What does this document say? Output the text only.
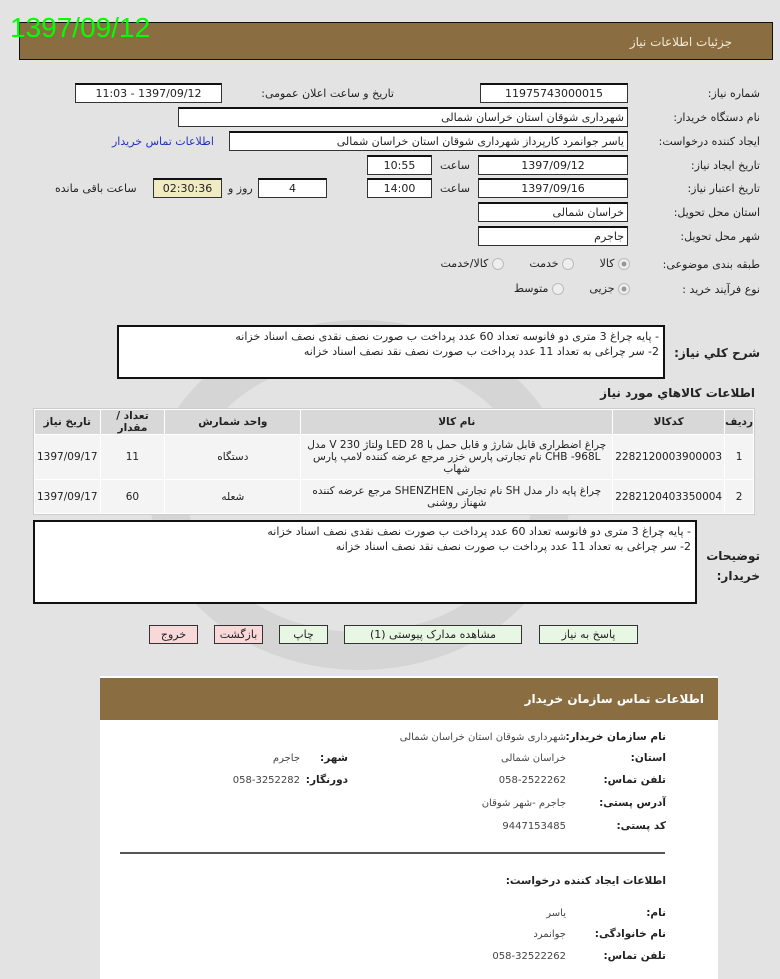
1397/09/12	جزئیات اطلاعات نیاز
شماره نیاز:
11975743000015
تاریخ و ساعت اعلان عمومی:
1397/09/12 - 11:03
نام دستگاه خریدار:
شهرداری شوقان استان خراسان شمالی
ایجاد کننده درخواست:
یاسر جوانمرد کارپرداز شهرداری شوقان استان خراسان شمالی
اطلاعات تماس خریدار
تاریخ ایجاد نیاز:
1397/09/12
ساعت
10:55
تاریخ اعتبار نیاز:
1397/09/16
ساعت
14:00
4
روز و
02:30:36
ساعت باقی مانده
استان محل تحویل:
خراسان شمالی
شهر محل تحویل:
جاجرم
طبقه بندی موضوعی:
کالا  خدمت  کالا/خدمت
نوع فرآیند خرید :
جزیی  متوسط
شرح کلي نیاز:
- پایه چراغ 3 متری دو فانوسه تعداد 60 عدد پرداخت ب صورت نصف نقدی نصف اسناد خزانه
2- سر چراغی به تعداد 11 عدد پرداخت ب صورت نصف نقد نصف اسناد خزانه
اطلاعات کالاهاي مورد نیاز
ردیف	کدکالا	نام کالا	واحد شمارش	تعداد / مقدار	تاریخ نیاز
1	2282120003900003	چراغ اضطراری قابل شارژ و قابل حمل با 28 LED ولتاژ 230 V مدل CHB -968L نام تجارتی پارس خزر مرجع عرضه کننده لامپ پارس شهاب	دستگاه	11	1397/09/17
2	2282120403350004	چراغ پایه دار مدل SH نام تجارتی SHENZHEN مرجع عرضه کننده شهناز روشنی	شعله	60	1397/09/17
توضیحات خریدار:
- پایه چراغ 3 متری دو فانوسه تعداد 60 عدد پرداخت ب صورت نصف نقدی نصف اسناد خزانه
2- سر چراغی به تعداد 11 عدد پرداخت ب صورت نصف نقد نصف اسناد خزانه
پاسخ به نیاز
مشاهده مدارک پیوستی (1)
چاپ
بازگشت
خروج
اطلاعات تماس سازمان خریدار
نام سازمان خریدار:
شهرداری شوقان استان خراسان شمالی
استان:
خراسان شمالی
شهر:
جاجرم
تلفن تماس:
058-2522262
دورنگار:
058-3252282
آدرس پستی:
جاجرم -شهر شوقان
کد پستی:
9447153485
اطلاعات ایجاد کننده درخواست:
نام:
یاسر
نام خانوادگی:
جوانمرد
تلفن تماس:
058-32522262
